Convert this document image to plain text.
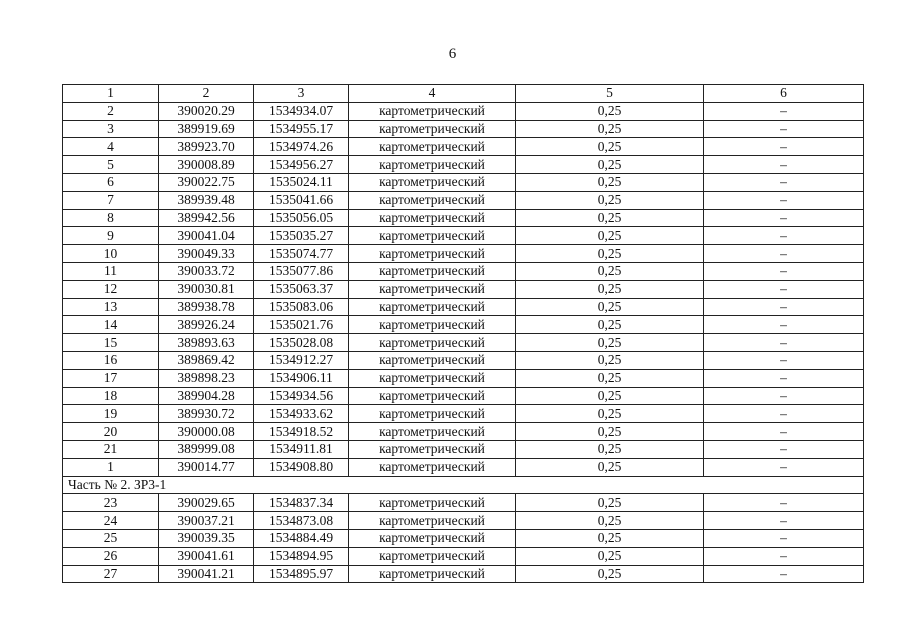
6
1	2	3	4	5	6
2	390020.29	1534934.07	картометрический	0,25	–
3	389919.69	1534955.17	картометрический	0,25	–
4	389923.70	1534974.26	картометрический	0,25	–
5	390008.89	1534956.27	картометрический	0,25	–
6	390022.75	1535024.11	картометрический	0,25	–
7	389939.48	1535041.66	картометрический	0,25	–
8	389942.56	1535056.05	картометрический	0,25	–
9	390041.04	1535035.27	картометрический	0,25	–
10	390049.33	1535074.77	картометрический	0,25	–
11	390033.72	1535077.86	картометрический	0,25	–
12	390030.81	1535063.37	картометрический	0,25	–
13	389938.78	1535083.06	картометрический	0,25	–
14	389926.24	1535021.76	картометрический	0,25	–
15	389893.63	1535028.08	картометрический	0,25	–
16	389869.42	1534912.27	картометрический	0,25	–
17	389898.23	1534906.11	картометрический	0,25	–
18	389904.28	1534934.56	картометрический	0,25	–
19	389930.72	1534933.62	картометрический	0,25	–
20	390000.08	1534918.52	картометрический	0,25	–
21	389999.08	1534911.81	картометрический	0,25	–
1	390014.77	1534908.80	картометрический	0,25	–
Часть № 2. ЗР3-1					
23	390029.65	1534837.34	картометрический	0,25	–
24	390037.21	1534873.08	картометрический	0,25	–
25	390039.35	1534884.49	картометрический	0,25	–
26	390041.61	1534894.95	картометрический	0,25	–
27	390041.21	1534895.97	картометрический	0,25	–
